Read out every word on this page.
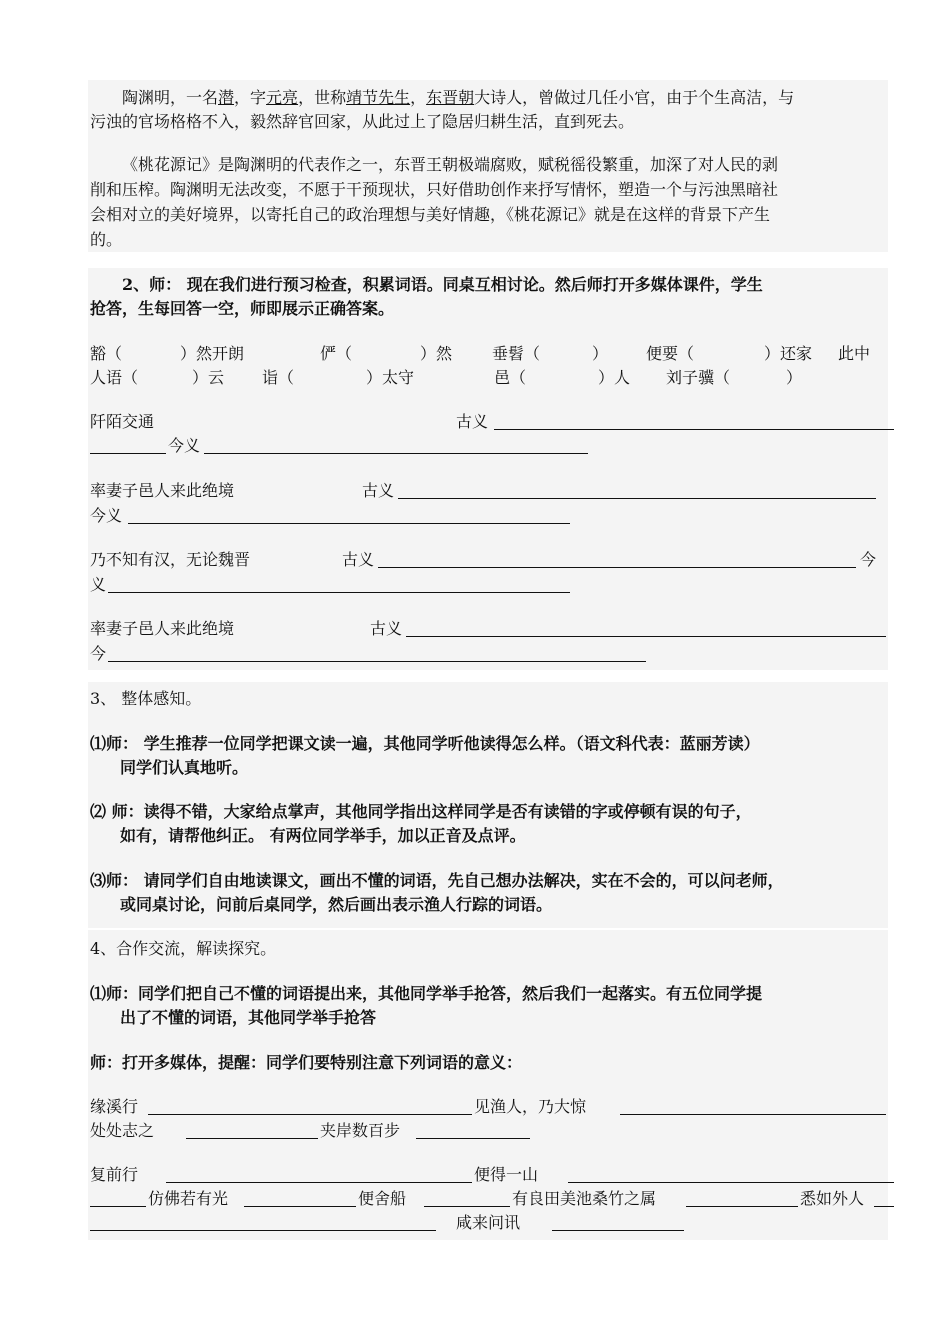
陶渊明，一名潜，字元亮，世称靖节先生，东晋朝大诗人，曾做过几任小官，由于个生高洁，与
污浊的官场格格不入，毅然辞官回家，从此过上了隐居归耕生活，直到死去。
《桃花源记》是陶渊明的代表作之一，东晋王朝极端腐败，赋税徭役繁重，加深了对人民的剥
削和压榨。陶渊明无法改变，不愿于干预现状，只好借助创作来抒写情怀，塑造一个与污浊黑暗社
会相对立的美好境界，以寄托自己的政治理想与美好情趣，《桃花源记》就是在这样的背景下产生
的。
2、师： 现在我们进行预习检查，积累词语。同桌互相讨论。然后师打开多媒体课件，学生
抢答，生每回答一空，师即展示正确答案。
豁（	）然开朗	俨（	）然 垂髫（	） 便要（	）还家 此中
人语（	）云 诣（	）太守	邑（	）人 刘子骥（	）
阡陌交通	古义
今义
率妻子邑人来此绝境	古义
今义
乃不知有汉，无论魏晋	古义	今
义
率妻子邑人来此绝境	古义
今
3、 整体感知。
⑴师： 学生推荐一位同学把课文读一遍，其他同学听他读得怎么样。（语文科代表：蓝丽芳读）
同学们认真地听。
⑵ 师：读得不错，大家给点掌声，其他同学指出这样同学是否有读错的字或停顿有误的句子，
如有，请帮他纠正。 有两位同学举手，加以正音及点评。
⑶师： 请同学们自由地读课文，画出不懂的词语，先自己想办法解决，实在不会的，可以问老师，
或同桌讨论，问前后桌同学，然后画出表示渔人行踪的词语。
4、合作交流，解读探究。
⑴师：同学们把自己不懂的词语提出来，其他同学举手抢答，然后我们一起落实。有五位同学提
出了不懂的词语，其他同学举手抢答
师：打开多媒体，提醒：同学们要特别注意下列词语的意义：
缘溪行	见渔人，乃大惊
处处志之	夹岸数百步
复前行	便得一山
仿佛若有光	便舍船	有良田美池桑竹之属	悉如外人
咸来问讯
